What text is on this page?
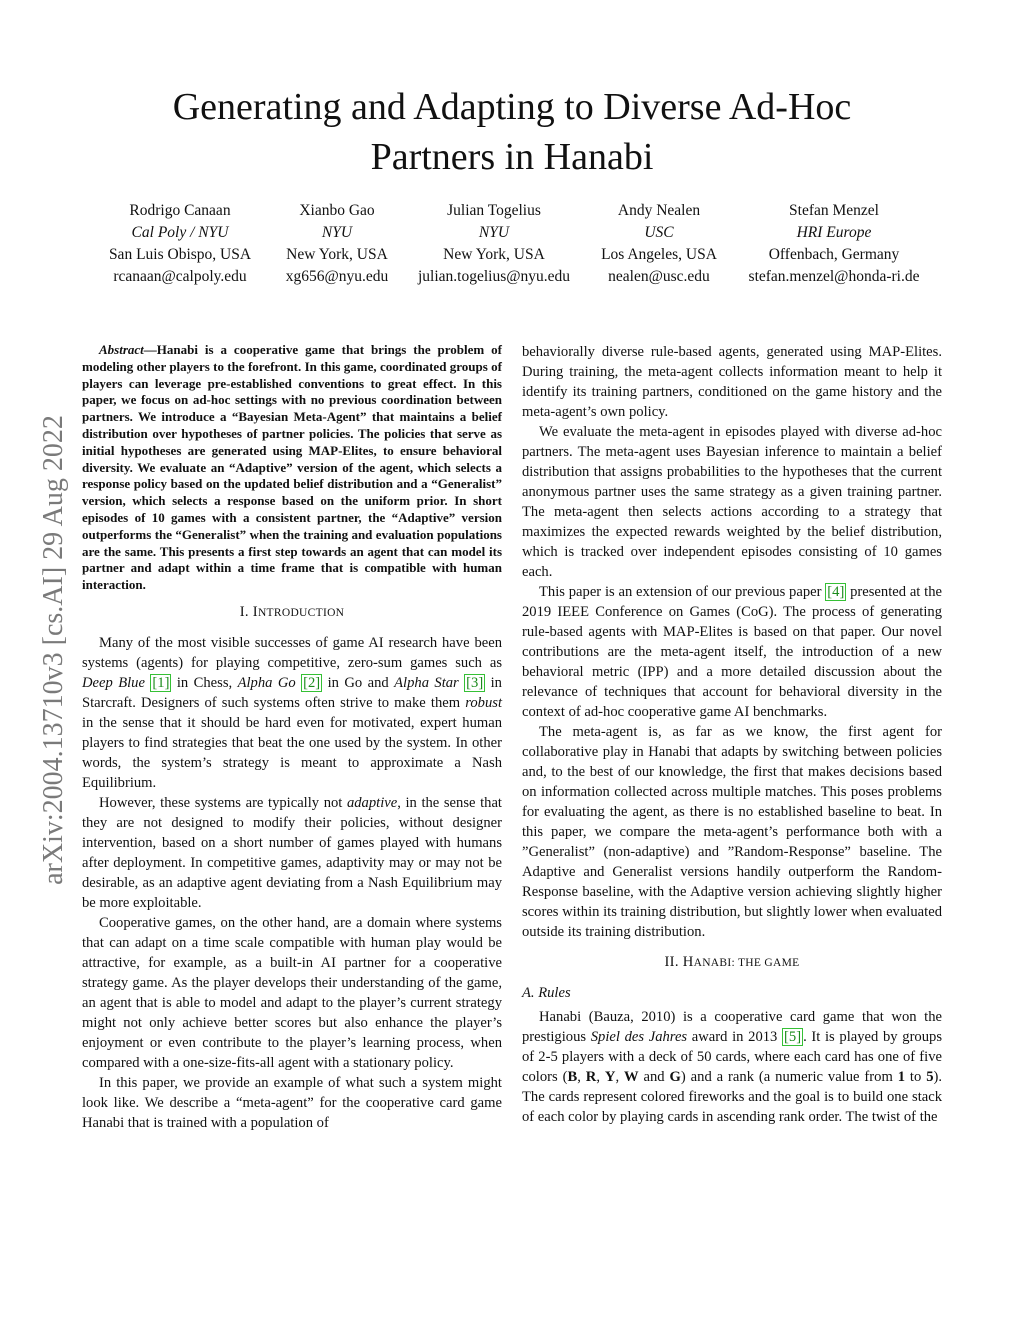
Generating and Adapting to Diverse Ad-Hoc
Partners in Hanabi
Rodrigo Canaan
Cal Poly / NYU
San Luis Obispo, USA
rcanaan@calpoly.edu
Xianbo Gao
NYU
New York, USA
xg656@nyu.edu
Julian Togelius
NYU
New York, USA
julian.togelius@nyu.edu
Andy Nealen
USC
Los Angeles, USA
nealen@usc.edu
Stefan Menzel
HRI Europe
Offenbach, Germany
stefan.menzel@honda-ri.de
arXiv:2004.13710v3 [cs.AI] 29 Aug 2022

Abstract—Hanabi is a cooperative game that brings the problem of modeling other players to the forefront. In this game, coordinated groups of players can leverage pre-established conventions to great effect. In this paper, we focus on ad-hoc settings with no previous coordination between partners. We introduce a “Bayesian Meta-Agent” that maintains a belief distribution over hypotheses of partner policies. The policies that serve as initial hypotheses are generated using MAP-Elites, to ensure behavioral diversity. We evaluate an “Adaptive” version of the agent, which selects a response policy based on the updated belief distribution and a “Generalist” version, which selects a response based on the uniform prior. In short episodes of 10 games with a consistent partner, the “Adaptive” version outperforms the “Generalist” when the training and evaluation populations are the same. This presents a first step towards an agent that can model its partner and adapt within a time frame that is compatible with human interaction.

I. INTRODUCTION

Many of the most visible successes of game AI research have been systems (agents) for playing competitive, zero-sum games such as Deep Blue [1] in Chess, Alpha Go [2] in Go and Alpha Star [3] in Starcraft. Designers of such systems often strive to make them robust in the sense that it should be hard even for motivated, expert human players to find strategies that beat the one used by the system. In other words, the system’s strategy is meant to approximate a Nash Equilibrium.

However, these systems are typically not adaptive, in the sense that they are not designed to modify their policies, without designer intervention, based on a short number of games played with humans after deployment. In competitive games, adaptivity may or may not be desirable, as an adaptive agent deviating from a Nash Equilibrium may be more exploitable.

Cooperative games, on the other hand, are a domain where systems that can adapt on a time scale compatible with human play would be attractive, for example, as a built-in AI partner for a cooperative strategy game. As the player develops their understanding of the game, an agent that is able to model and adapt to the player’s current strategy might not only achieve better scores but also enhance the player’s enjoyment or even contribute to the player’s learning process, when compared with a one-size-fits-all agent with a stationary policy.

In this paper, we provide an example of what such a system might look like. We describe a “meta-agent” for the cooperative card game Hanabi that is trained with a population of

behaviorally diverse rule-based agents, generated using MAP-Elites. During training, the meta-agent collects information meant to help it identify its training partners, conditioned on the game history and the meta-agent’s own policy.

We evaluate the meta-agent in episodes played with diverse ad-hoc partners. The meta-agent uses Bayesian inference to maintain a belief distribution that assigns probabilities to the hypotheses that the current anonymous partner uses the same strategy as a given training partner. The meta-agent then selects actions according to a strategy that maximizes the expected rewards weighted by the belief distribution, which is tracked over independent episodes consisting of 10 games each.

This paper is an extension of our previous paper [4] presented at the 2019 IEEE Conference on Games (CoG). The process of generating rule-based agents with MAP-Elites is based on that paper. Our novel contributions are the meta-agent itself, the introduction of a new behavioral metric (IPP) and a more detailed discussion about the relevance of techniques that account for behavioral diversity in the context of ad-hoc cooperative game AI benchmarks.

The meta-agent is, as far as we know, the first agent for collaborative play in Hanabi that adapts by switching between policies and, to the best of our knowledge, the first that makes decisions based on information collected across multiple matches. This poses problems for evaluating the agent, as there is no established baseline to beat. In this paper, we compare the meta-agent’s performance both with a ”Generalist” (non-adaptive) and ”Random-Response” baseline. The Adaptive and Generalist versions handily outperform the Random-Response baseline, with the Adaptive version achieving slightly higher scores within its training distribution, but slightly lower when evaluated outside its training distribution.

II. HANABI: THE GAME
A. Rules

Hanabi (Bauza, 2010) is a cooperative card game that won the prestigious Spiel des Jahres award in 2013 [5] . It is played by groups of 2-5 players with a deck of 50 cards, where each card has one of five colors (B, R, Y, W and G) and a rank (a numeric value from 1 to 5). The cards represent colored fireworks and the goal is to build one stack of each color by playing cards in ascending rank order. The twist of the
